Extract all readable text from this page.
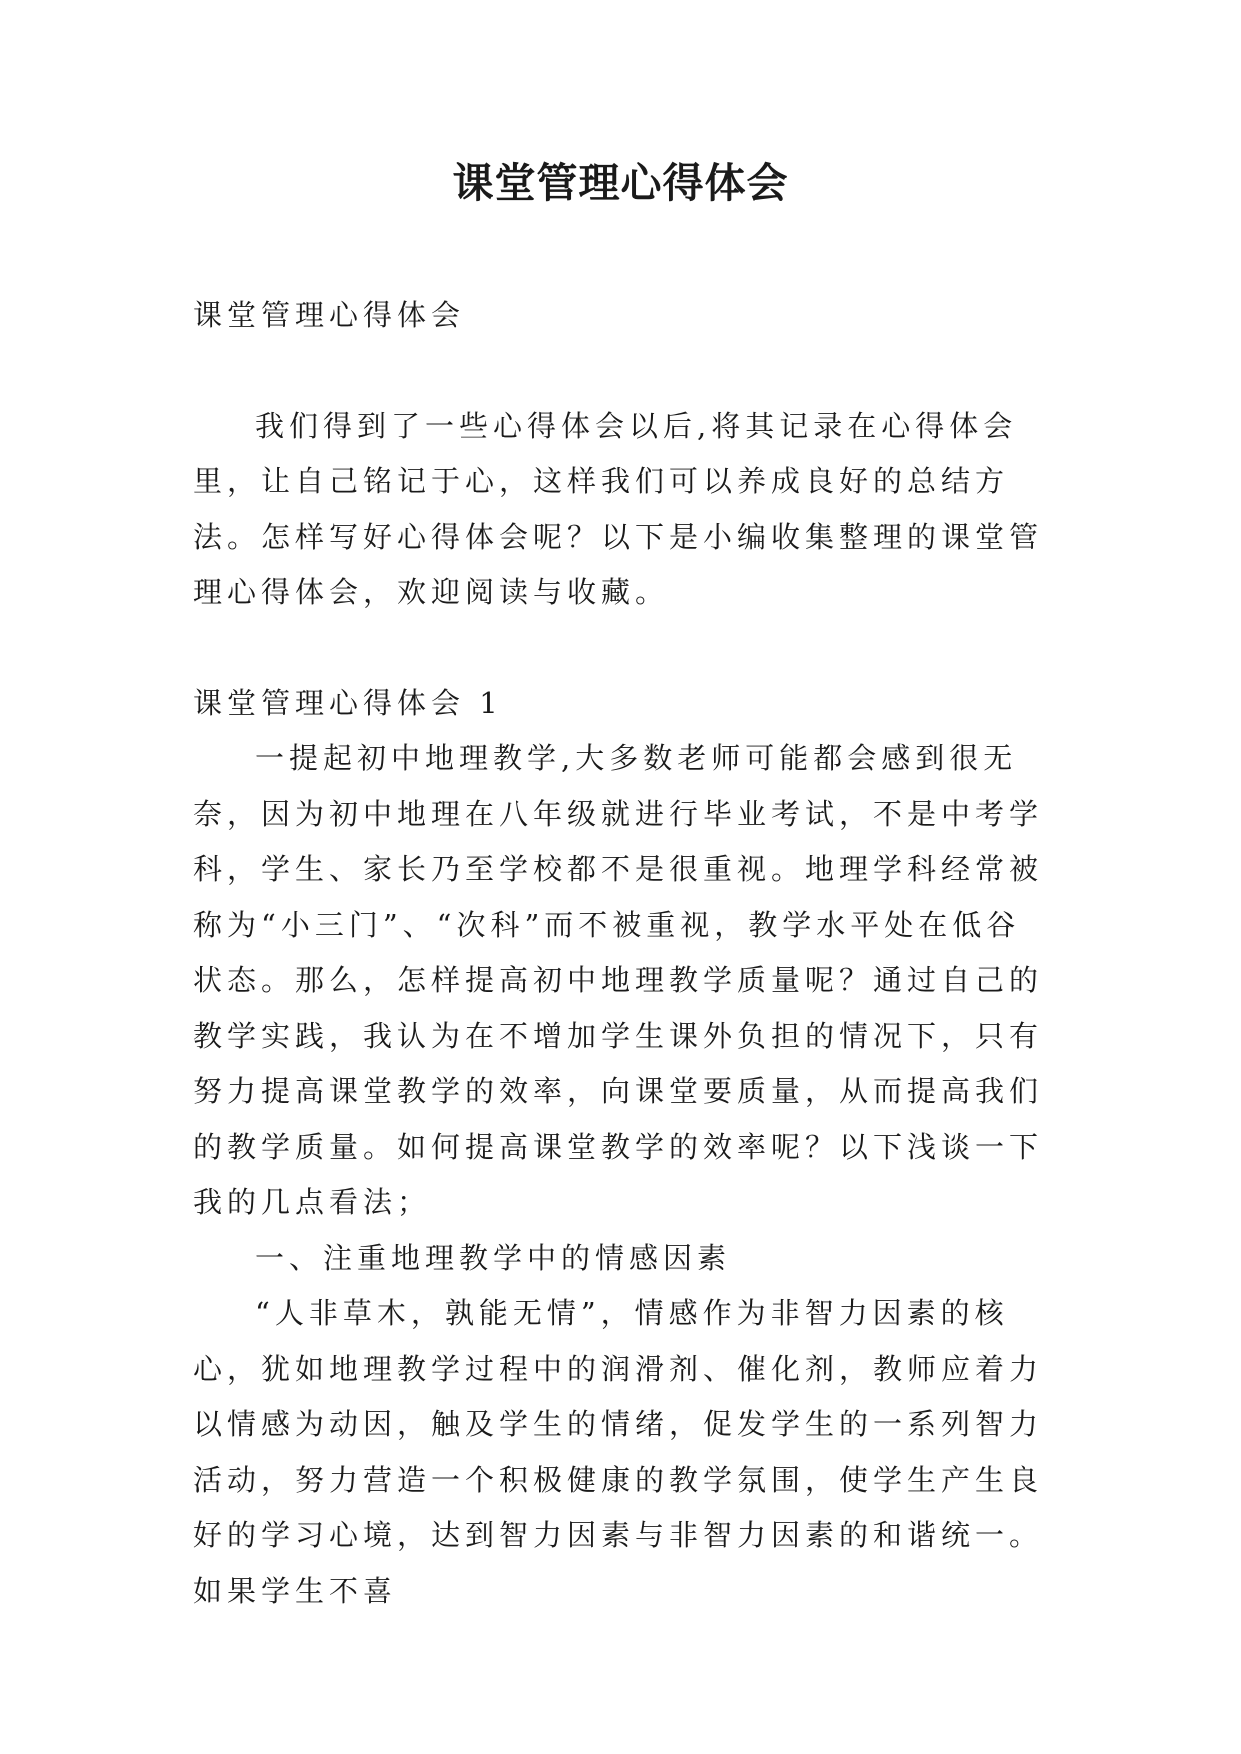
课堂管理心得体会

课堂管理心得体会

我们得到了一些心得体会以后,将其记录在心得体会里，让自己铭记于心，这样我们可以养成良好的总结方法。怎样写好心得体会呢？以下是小编收集整理的课堂管理心得体会，欢迎阅读与收藏。

课堂管理心得体会 1

一提起初中地理教学,大多数老师可能都会感到很无奈，因为初中地理在八年级就进行毕业考试，不是中考学科，学生、家长乃至学校都不是很重视。地理学科经常被称为“小三门”、“次科”而不被重视，教学水平处在低谷状态。那么，怎样提高初中地理教学质量呢？通过自己的教学实践，我认为在不增加学生课外负担的情况下，只有努力提高课堂教学的效率，向课堂要质量，从而提高我们的教学质量。如何提高课堂教学的效率呢？以下浅谈一下我的几点看法；

一、注重地理教学中的情感因素

“人非草木，孰能无情”，情感作为非智力因素的核心，犹如地理教学过程中的润滑剂、催化剂，教师应着力以情感为动因，触及学生的情绪，促发学生的一系列智力活动，努力营造一个积极健康的教学氛围，使学生产生良好的学习心境，达到智力因素与非智力因素的和谐统一。如果学生不喜
